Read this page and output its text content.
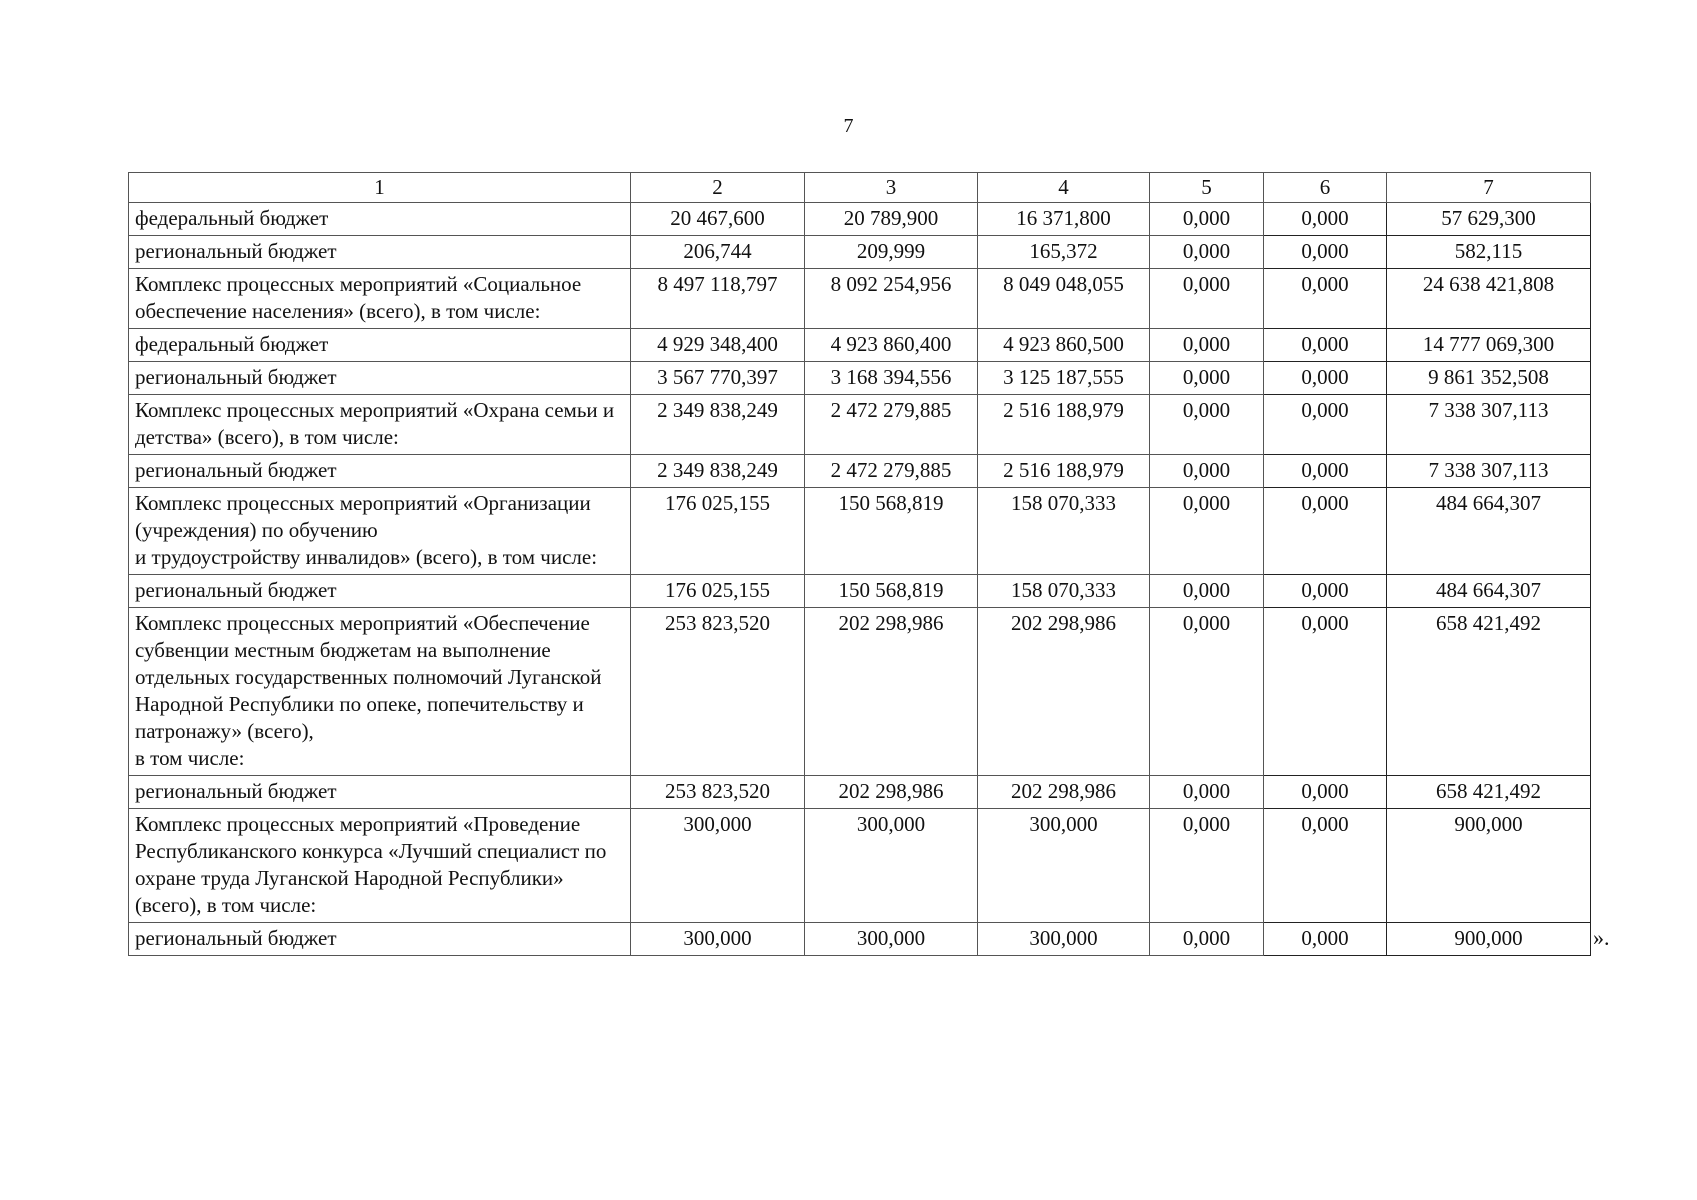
7
1	2	3	4	5	6	7
федеральный бюджет	20 467,600	20 789,900	16 371,800	0,000	0,000	57 629,300
региональный бюджет	206,744	209,999	165,372	0,000	0,000	582,115
Комплекс процессных мероприятий «Социальное обеспечение населения» (всего), в том числе:	8 497 118,797	8 092 254,956	8 049 048,055	0,000	0,000	24 638 421,808
федеральный бюджет	4 929 348,400	4 923 860,400	4 923 860,500	0,000	0,000	14 777 069,300
региональный бюджет	3 567 770,397	3 168 394,556	3 125 187,555	0,000	0,000	9 861 352,508
Комплекс процессных мероприятий «Охрана семьи и детства» (всего), в том числе:	2 349 838,249	2 472 279,885	2 516 188,979	0,000	0,000	7 338 307,113
региональный бюджет	2 349 838,249	2 472 279,885	2 516 188,979	0,000	0,000	7 338 307,113
Комплекс процессных мероприятий «Организации (учреждения) по обучению
и трудоустройству инвалидов» (всего), в том числе:	176 025,155	150 568,819	158 070,333	0,000	0,000	484 664,307
региональный бюджет	176 025,155	150 568,819	158 070,333	0,000	0,000	484 664,307
Комплекс процессных мероприятий «Обеспечение субвенции местным бюджетам на выполнение отдельных государственных полномочий Луганской Народной Республики по опеке, попечительству и патронажу» (всего),
в том числе:	253 823,520	202 298,986	202 298,986	0,000	0,000	658 421,492
региональный бюджет	253 823,520	202 298,986	202 298,986	0,000	0,000	658 421,492
Комплекс процессных мероприятий «Проведение Республиканского конкурса «Лучший специалист по охране труда Луганской Народной Республики» (всего), в том числе:	300,000	300,000	300,000	0,000	0,000	900,000
региональный бюджет	300,000	300,000	300,000	0,000	0,000	900,000	».
